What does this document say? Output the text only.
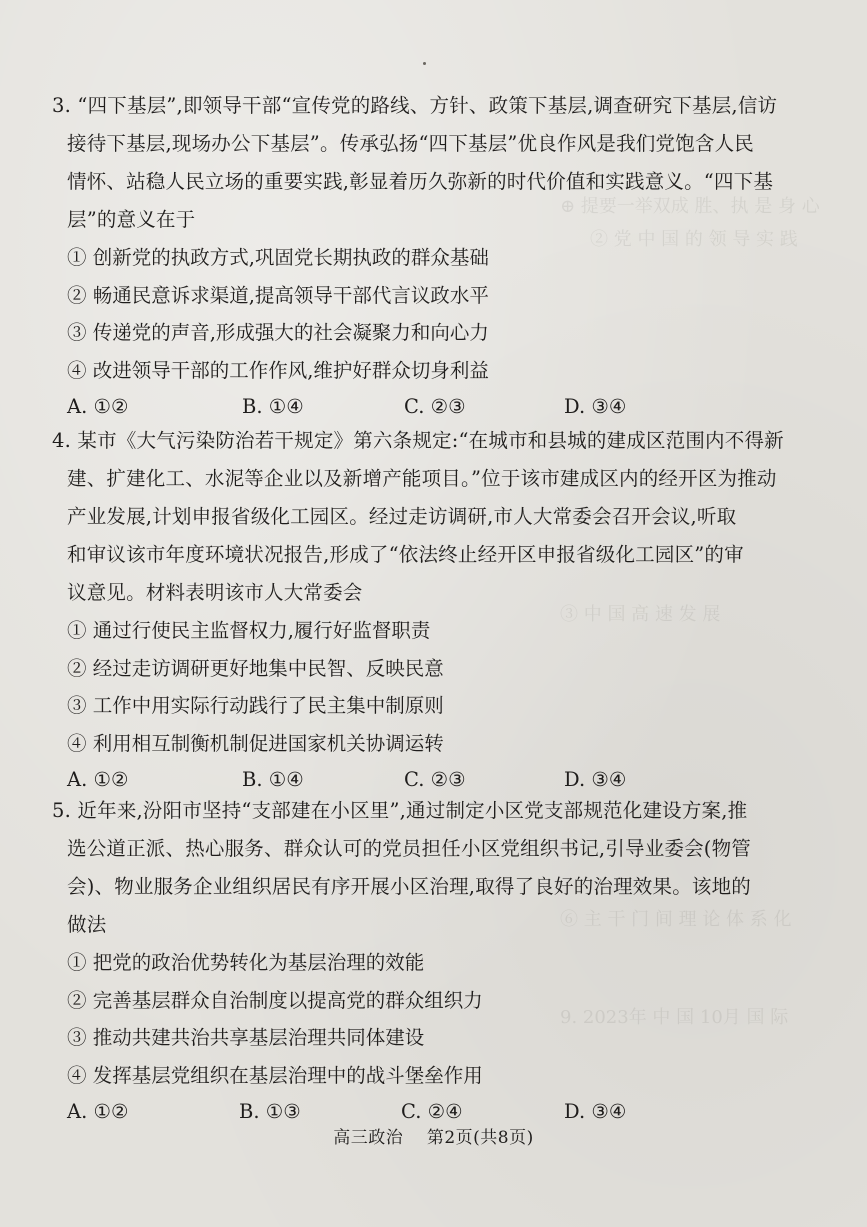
⊕ 提要一举双成 胜、执 是 身 心
② 党 中 国 的 领 导 实 践
③ 中 国 高 速 发 展
⑥ 主 干 门 间 理 论 体 系 化
9. 2023年 中 国 10月 国 际
3. “四下基层”,即领导干部“宣传党的路线、方针、政策下基层,调查研究下基层,信访
接待下基层,现场办公下基层”。传承弘扬“四下基层”优良作风是我们党饱含人民
情怀、站稳人民立场的重要实践,彰显着历久弥新的时代价值和实践意义。“四下基
层”的意义在于
① 创新党的执政方式,巩固党长期执政的群众基础
② 畅通民意诉求渠道,提高领导干部代言议政水平
③ 传递党的声音,形成强大的社会凝聚力和向心力
④ 改进领导干部的工作作风,维护好群众切身利益
A. ①②	B. ①④	C. ②③	D. ③④
4. 某市《大气污染防治若干规定》第六条规定:“在城市和县城的建成区范围内不得新
建、扩建化工、水泥等企业以及新增产能项目。”位于该市建成区内的经开区为推动
产业发展,计划申报省级化工园区。经过走访调研,市人大常委会召开会议,听取
和审议该市年度环境状况报告,形成了“依法终止经开区申报省级化工园区”的审
议意见。材料表明该市人大常委会
① 通过行使民主监督权力,履行好监督职责
② 经过走访调研更好地集中民智、反映民意
③ 工作中用实际行动践行了民主集中制原则
④ 利用相互制衡机制促进国家机关协调运转
A. ①②	B. ①④	C. ②③	D. ③④
5. 近年来,汾阳市坚持“支部建在小区里”,通过制定小区党支部规范化建设方案,推
选公道正派、热心服务、群众认可的党员担任小区党组织书记,引导业委会(物管
会)、物业服务企业组织居民有序开展小区治理,取得了良好的治理效果。该地的
做法
① 把党的政治优势转化为基层治理的效能
② 完善基层群众自治制度以提高党的群众组织力
③ 推动共建共治共享基层治理共同体建设
④ 发挥基层党组织在基层治理中的战斗堡垒作用
A. ①②	B. ①③	C. ②④	D. ③④
高三政治 第2页(共8页)
